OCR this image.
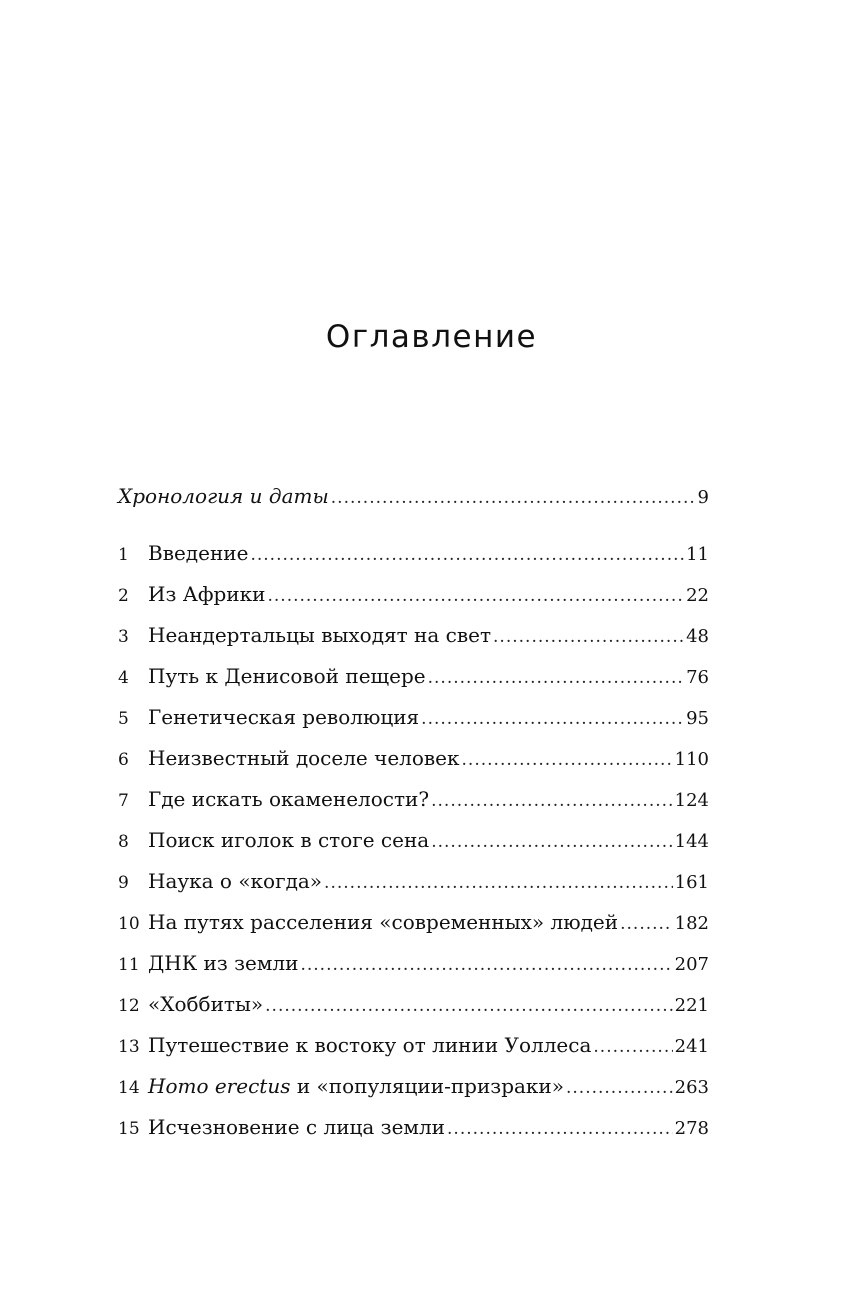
Оглавление
Хронология и даты .....	9
1 Введение .....	11
2 Из Африки .....	22
3 Неандертальцы выходят на свет .....	48
4 Путь к Денисовой пещере .....	76
5 Генетическая революция .....	95
6 Неизвестный доселе человек .....	110
7 Где искать окаменелости? .....	124
8 Поиск иголок в стоге сена .....	144
9 Наука о «когда» .....	161
10 На путях расселения «современных» людей .....	182
11 ДНК из земли .....	207
12 «Хоббиты» .....	221
13 Путешествие к востоку от линии Уоллеса .....	241
14 Homo erectus и «популяции-призраки» .....	263
15 Исчезновение с лица земли .....	278
